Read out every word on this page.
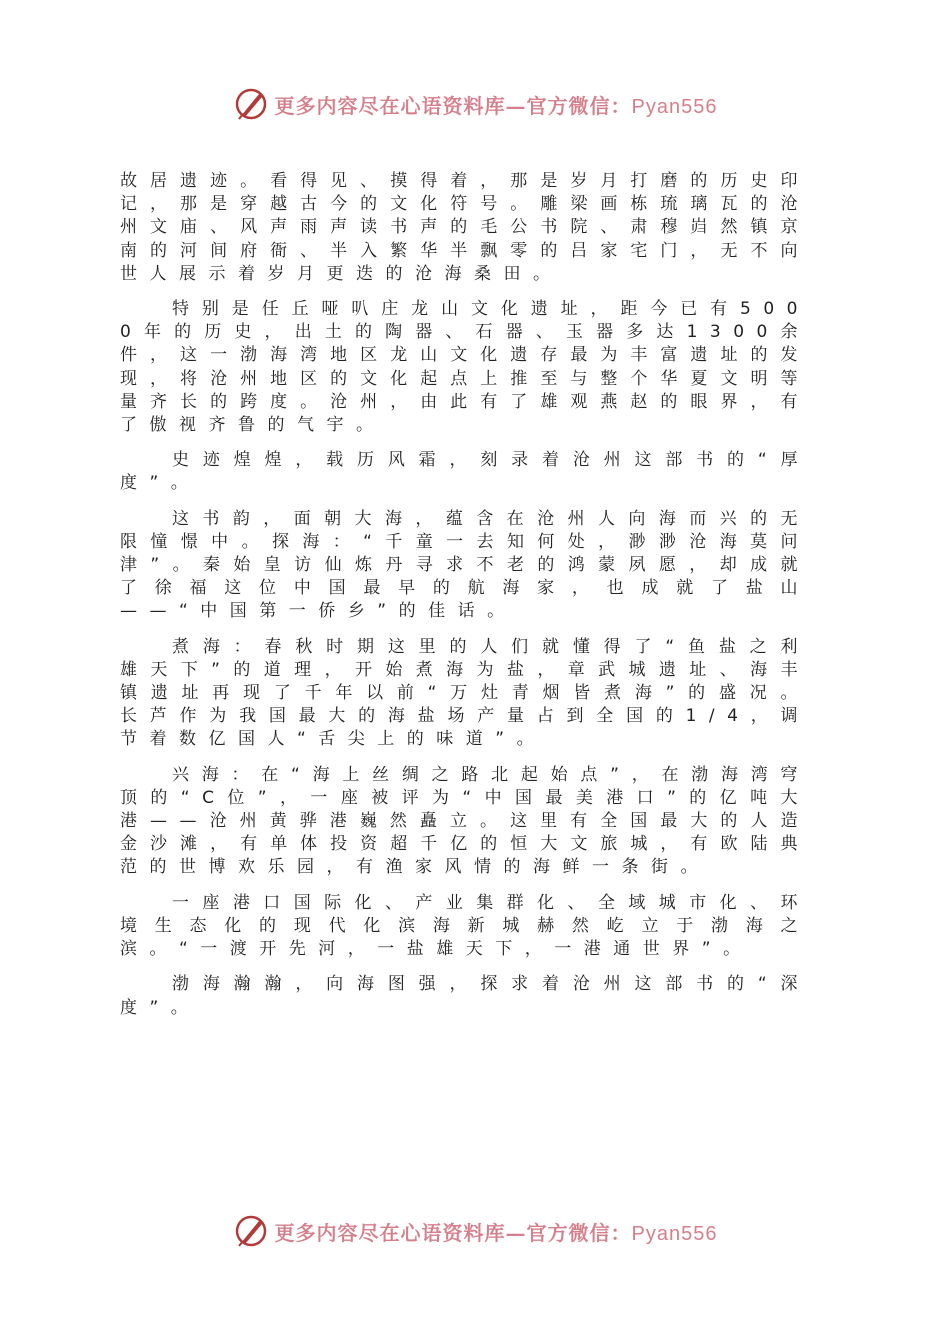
更多内容尽在心语资料库—官方微信：Pyan556

故居遗迹。看得见、摸得着，那是岁月打磨的历史印记，那是穿越古今的文化符号。雕梁画栋琉璃瓦的沧州文庙、风声雨声读书声的毛公书院、肃穆岿然镇京南的河间府衙、半入繁华半飘零的吕家宅门，无不向世人展示着岁月更迭的沧海桑田。

特别是任丘哑叭庄龙山文化遗址，距今已有5000年的历史，出土的陶器、石器、玉器多达1300余件，这一渤海湾地区龙山文化遗存最为丰富遗址的发现，将沧州地区的文化起点上推至与整个华夏文明等量齐长的跨度。沧州，由此有了雄观燕赵的眼界，有了傲视齐鲁的气宇。

史迹煌煌，载历风霜，刻录着沧州这部书的“厚度”。

这书韵，面朝大海，蕴含在沧州人向海而兴的无限憧憬中。探海：“千童一去知何处，渺渺沧海莫问津”。秦始皇访仙炼丹寻求不老的鸿蒙夙愿，却成就了徐福这位中国最早的航海家，也成就了盐山——“中国第一侨乡”的佳话。

煮海：春秋时期这里的人们就懂得了“鱼盐之利雄天下”的道理，开始煮海为盐，章武城遗址、海丰镇遗址再现了千年以前“万灶青烟皆煮海”的盛况。长芦作为我国最大的海盐场产量占到全国的1/4，调节着数亿国人“舌尖上的味道”。

兴海：在“海上丝绸之路北起始点”，在渤海湾穹顶的“C位”，一座被评为“中国最美港口”的亿吨大港——沧州黄骅港巍然矗立。这里有全国最大的人造金沙滩，有单体投资超千亿的恒大文旅城，有欧陆典范的世博欢乐园，有渔家风情的海鲜一条街。

一座港口国际化、产业集群化、全域城市化、环境生态化的现代化滨海新城赫然屹立于渤海之滨。“一渡开先河，一盐雄天下，一港通世界”。

渤海瀚瀚，向海图强，探求着沧州这部书的“深度”。

更多内容尽在心语资料库—官方微信：Pyan556
